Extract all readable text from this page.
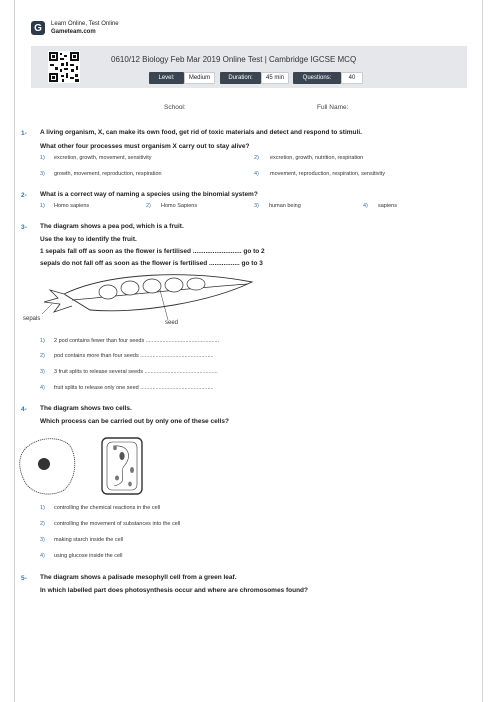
G	Learn Online, Test Online
Gameteam.com
0610/12 Biology Feb Mar 2019 Online Test | Cambridge IGCSE MCQ
Level:	Medium	Duration:	45 min	Questions:	40
School:	Full Name:
1- A living organism, X, can make its own food, get rid of toxic materials and detect and respond to stimuli.
What other four processes must organism X carry out to stay alive?
1) excretion, growth, movement, sensitivity	2) excretion, growth, nutrition, respiration
3) growth, movement, reproduction, respiration	4) movement, reproduction, respiration, sensitivity
2- What is a correct way of naming a species using the binomial system?
1) Homo sapiens	2) Homo Sapiens	3) human being	4) sapiens
3- The diagram shows a pea pod, which is a fruit.
Use the key to identify the fruit.
1 sepals fall off as soon as the flower is fertilised ........................... go to 2
sepals do not fall off as soon as the flower is fertilised ................. go to 3
sepals
seed
1) 2 pod contains fewer than four seeds ................................................
2) pod contains more than four seeds ................................................
3) 3 fruit splits to release several seeds ................................................
4) fruit splits to release only one seed ................................................
4- The diagram shows two cells.
Which process can be carried out by only one of these cells?
1) controlling the chemical reactions in the cell
2) controlling the movement of substances into the cell
3) making starch inside the cell
4) using glucose inside the cell
5- The diagram shows a palisade mesophyll cell from a green leaf.
In which labelled part does photosynthesis occur and where are chromosomes found?
